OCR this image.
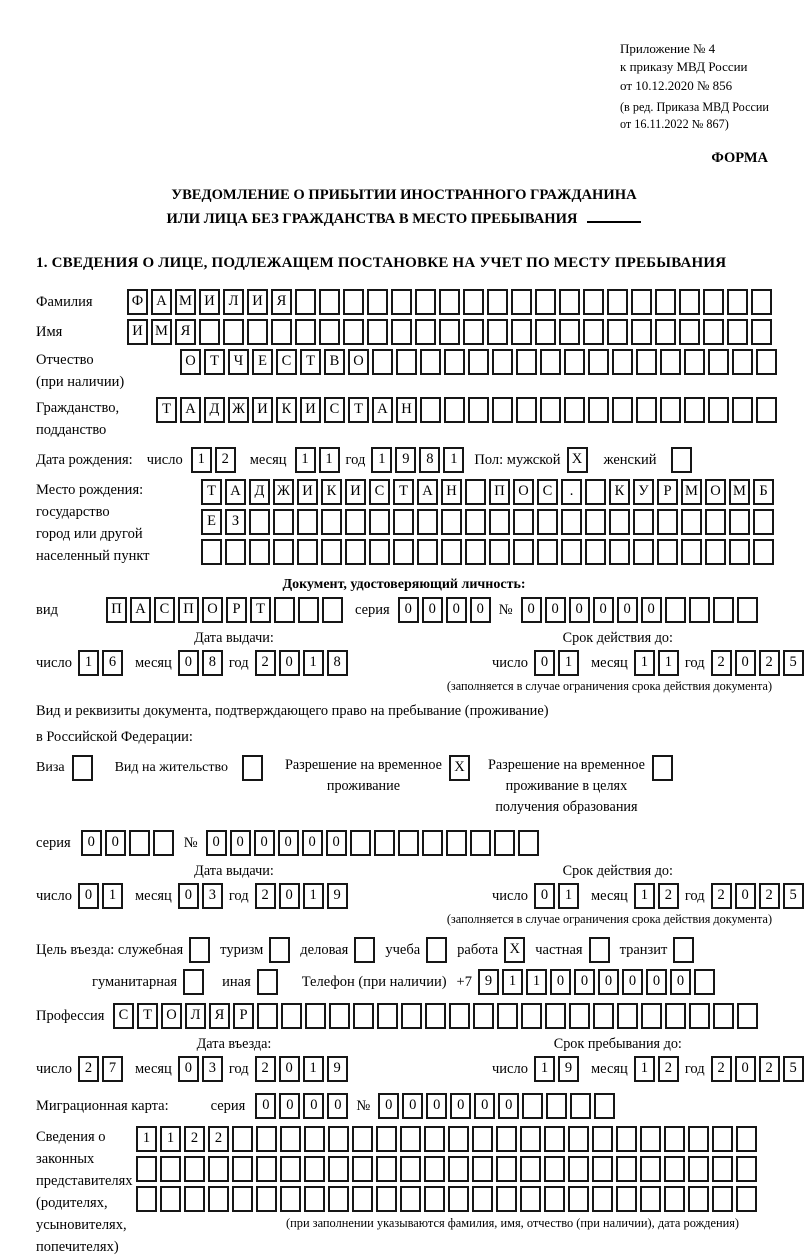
Приложение № 4
к приказу МВД России
от 10.12.2020 № 856
(в ред. Приказа МВД России
от 16.11.2022 № 867)
ФОРМА
УВЕДОМЛЕНИЕ О ПРИБЫТИИ ИНОСТРАННОГО ГРАЖДАНИНА
ИЛИ ЛИЦА БЕЗ ГРАЖДАНСТВА В МЕСТО ПРЕБЫВАНИЯ
1. СВЕДЕНИЯ О ЛИЦЕ, ПОДЛЕЖАЩЕМ ПОСТАНОВКЕ НА УЧЕТ ПО МЕСТУ ПРЕБЫВАНИЯ
Фамилия	Ф А М И Л И Я
Имя	И М Я
Отчество
(при наличии)
О Т	Ч	Е	С	Т	В О
Гражданство,
подданство
Т А Д Ж И К И С	Т А Н
Дата рождения: число	1	2	месяц	1	1 год 1	9	8	1	Пол: мужской X	женский
Место рождения:
государство
город или другой
населенный пункт
Т А Д Ж И К И С	Т А Н	П О С	.	К У	Р М О М Б
Е	З
Документ, удостоверяющий личность:
вид	П А С П О	Р	Т	серия	0	0	0	0	№	0	0	0	0	0	0
Дата выдачи:
число 1	6	месяц 0	8 год 2	0	1	8
Срок действия до:
число 0	1	месяц 1	1 год 2	0	2	5
(заполняется в случае ограничения срока действия документа)
Вид и реквизиты документа, подтверждающего право на пребывание (проживание)
в Российской Федерации:
Виза	Вид на жительство	Разрешение на временное
проживание
X	Разрешение на временное
проживание в целях
получения образования
серия	0	0	№	0	0	0	0	0	0
Дата выдачи:
число 0	1	месяц 0	3 год 2	0	1	9
Срок действия до:
число 0	1	месяц 1	2 год 2	0	2	5
(заполняется в случае ограничения срока действия документа)
Цель въезда: служебная	туризм	деловая	учеба	работа X	частная	транзит
гуманитарная	иная	Телефон (при наличии) +7 9	1	1	0	0	0	0	0	0
Профессия С	Т О Л Я	Р
Дата въезда:
число 2	7	месяц 0	3 год 2	0	1	9
Срок пребывания до:
число 1	9	месяц 1	2 год 2	0	2	5
Миграционная карта:	серия	0	0	0	0	№	0	0	0	0	0	0
Сведения о
законных
представителях
(родителях,
усыновителях,
попечителях)
1	1	2	2
(при заполнении указываются фамилия, имя, отчество (при наличии), дата рождения)
